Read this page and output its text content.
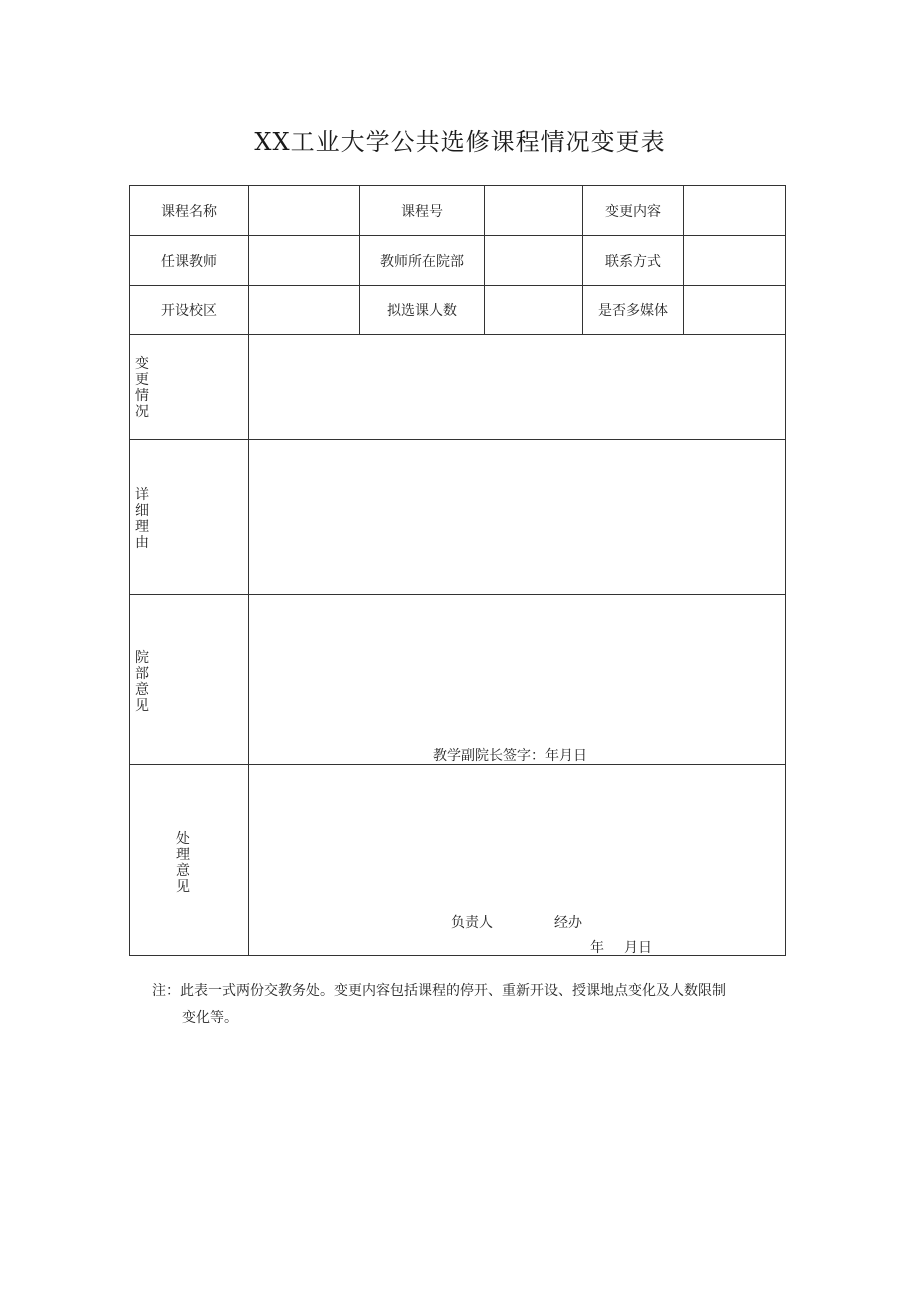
XX工业大学公共选修课程情况变更表
课程名称	课程号	变更内容
任课教师	教师所在院部	联系方式
开设校区	拟选课人数	是否多媒体
变
更
情
况
详
细
理
由
院
部
意
见
教学副院长签字：年月日
处
理
意
见
负责人	经办
年 月日
注：此表一式两份交教务处。变更内容包括课程的停开、重新开设、授课地点变化及人数限制
变化等。
